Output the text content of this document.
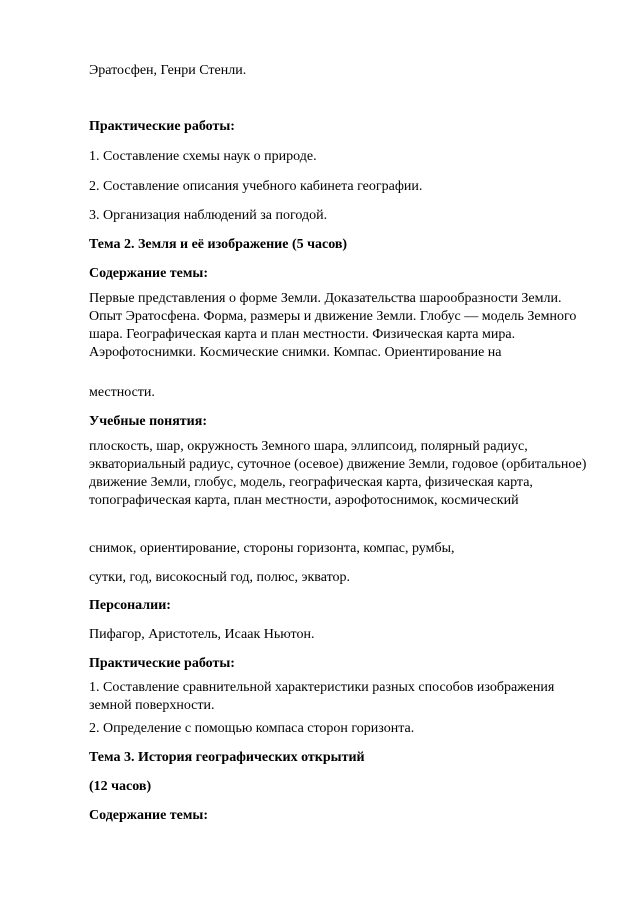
Эратосфен, Генри Стенли.

Практические работы:

1. Составление схемы наук о природе.

2. Составление описания учебного кабинета географии.

3. Организация наблюдений за погодой.

Тема 2. Земля и её изображение (5 часов)

Содержание темы:

Первые представления о форме Земли. Доказательства шарообразности Земли. Опыт Эратосфена. Форма, размеры и движение Земли. Глобус — модель Земного шара. Географическая карта и план местности. Физическая карта мира. Аэрофотоснимки. Космические снимки. Компас. Ориентирование на

местности.

Учебные понятия:

плоскость, шар, окружность Земного шара, эллипсоид, полярный радиус, экваториальный радиус, суточное (осевое) движение Земли, годовое (орбитальное) движение Земли, глобус, модель, географическая карта, физическая карта, топографическая карта, план местности, аэрофотоснимок, космический

снимок, ориентирование, стороны горизонта, компас, румбы,

сутки, год, високосный год, полюс, экватор.

Персоналии:

Пифагор, Аристотель, Исаак Ньютон.

Практические работы:

1. Составление сравнительной характеристики разных способов изображения земной поверхности.

2. Определение с помощью компаса сторон горизонта.

Тема 3. История географических открытий

(12 часов)

Содержание темы:
